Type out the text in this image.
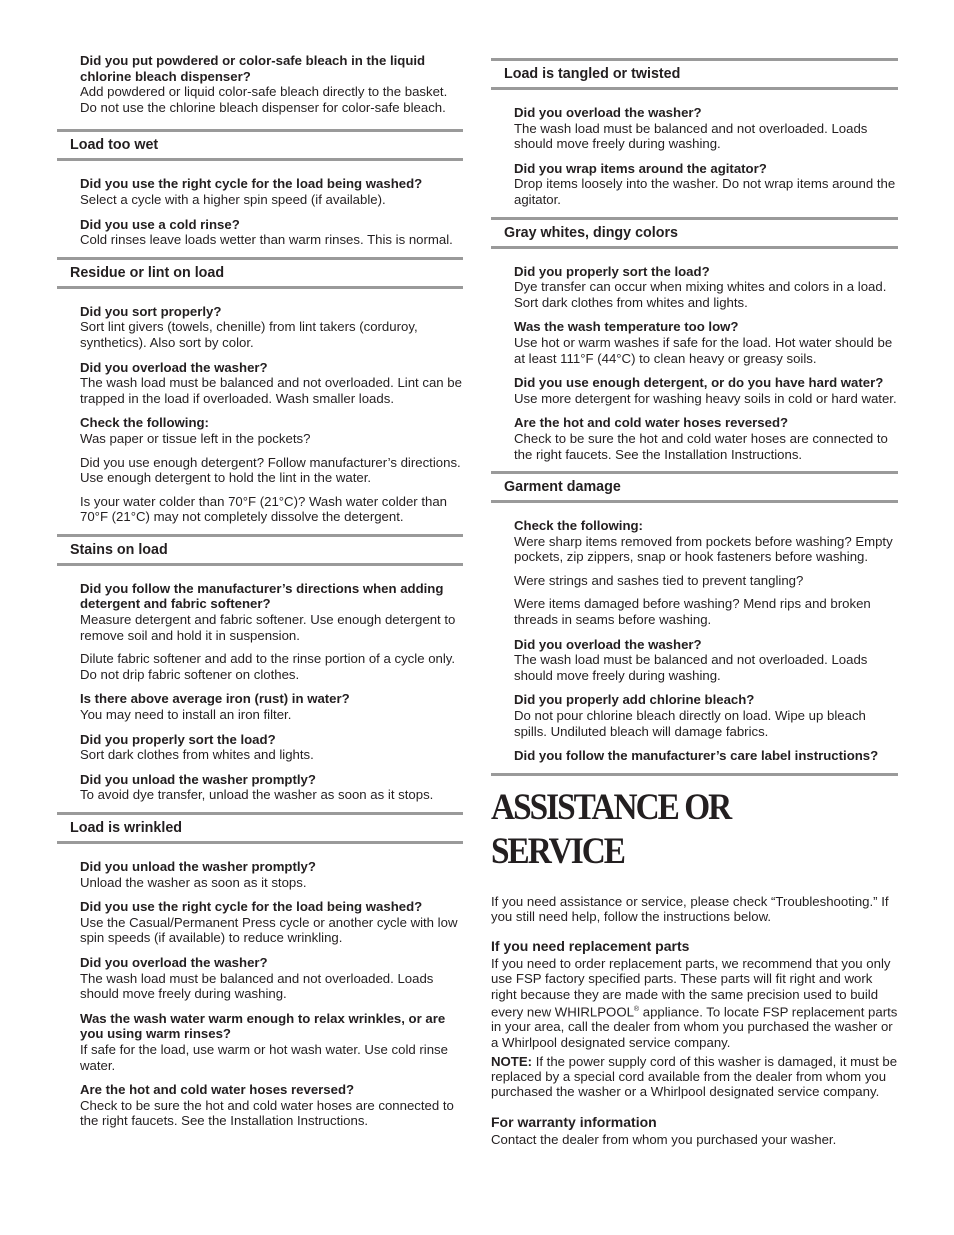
Did you put powdered or color-safe bleach in the liquid chlorine bleach dispenser?
Add powdered or liquid color-safe bleach directly to the basket. Do not use the chlorine bleach dispenser for color-safe bleach.
Load too wet
Did you use the right cycle for the load being washed?

Select a cycle with a higher spin speed (if available).

Did you use a cold rinse?

Cold rinses leave loads wetter than warm rinses. This is normal.

Residue or lint on load
Did you sort properly?

Sort lint givers (towels, chenille) from lint takers (corduroy, synthetics). Also sort by color.

Did you overload the washer?

The wash load must be balanced and not overloaded. Lint can be trapped in the load if overloaded. Wash smaller loads.

Check the following:

Was paper or tissue left in the pockets?

Did you use enough detergent? Follow manufacturer’s directions. Use enough detergent to hold the lint in the water.

Is your water colder than 70°F (21°C)? Wash water colder than 70°F (21°C) may not completely dissolve the detergent.

Stains on load
Did you follow the manufacturer’s directions when adding detergent and fabric softener?

Measure detergent and fabric softener. Use enough detergent to remove soil and hold it in suspension.

Dilute fabric softener and add to the rinse portion of a cycle only. Do not drip fabric softener on clothes.

Is there above average iron (rust) in water?

You may need to install an iron filter.

Did you properly sort the load?

Sort dark clothes from whites and lights.

Did you unload the washer promptly?

To avoid dye transfer, unload the washer as soon as it stops.

Load is wrinkled
Did you unload the washer promptly?

Unload the washer as soon as it stops.

Did you use the right cycle for the load being washed?

Use the Casual/Permanent Press cycle or another cycle with low spin speeds (if available) to reduce wrinkling.

Did you overload the washer?

The wash load must be balanced and not overloaded. Loads should move freely during washing.

Was the wash water warm enough to relax wrinkles, or are you using warm rinses?

If safe for the load, use warm or hot wash water. Use cold rinse water.

Are the hot and cold water hoses reversed?

Check to be sure the hot and cold water hoses are connected to the right faucets. See the Installation Instructions.

Load is tangled or twisted
Did you overload the washer?

The wash load must be balanced and not overloaded. Loads should move freely during washing.

Did you wrap items around the agitator?

Drop items loosely into the washer. Do not wrap items around the agitator.

Gray whites, dingy colors
Did you properly sort the load?

Dye transfer can occur when mixing whites and colors in a load. Sort dark clothes from whites and lights.

Was the wash temperature too low?

Use hot or warm washes if safe for the load. Hot water should be at least 111°F (44°C) to clean heavy or greasy soils.

Did you use enough detergent, or do you have hard water?

Use more detergent for washing heavy soils in cold or hard water.

Are the hot and cold water hoses reversed?

Check to be sure the hot and cold water hoses are connected to the right faucets. See the Installation Instructions.

Garment damage
Check the following:

Were sharp items removed from pockets before washing? Empty pockets, zip zippers, snap or hook fasteners before washing.

Were strings and sashes tied to prevent tangling?

Were items damaged before washing? Mend rips and broken threads in seams before washing.

Did you overload the washer?

The wash load must be balanced and not overloaded. Loads should move freely during washing.

Did you properly add chlorine bleach?

Do not pour chlorine bleach directly on load. Wipe up bleach spills. Undiluted bleach will damage fabrics.

Did you follow the manufacturer’s care label instructions?
ASSISTANCE OR SERVICE

If you need assistance or service, please check “Troubleshooting.” If you still need help, follow the instructions below.

If you need replacement parts

If you need to order replacement parts, we recommend that you only use FSP factory specified parts. These parts will fit right and work right because they are made with the same precision used to build every new WHIRLPOOL® appliance. To locate FSP replacement parts in your area, call the dealer from whom you purchased the washer or a Whirlpool designated service company.

NOTE: If the power supply cord of this washer is damaged, it must be replaced by a special cord available from the dealer from whom you purchased the washer or a Whirlpool designated service company.

For warranty information

Contact the dealer from whom you purchased your washer.
